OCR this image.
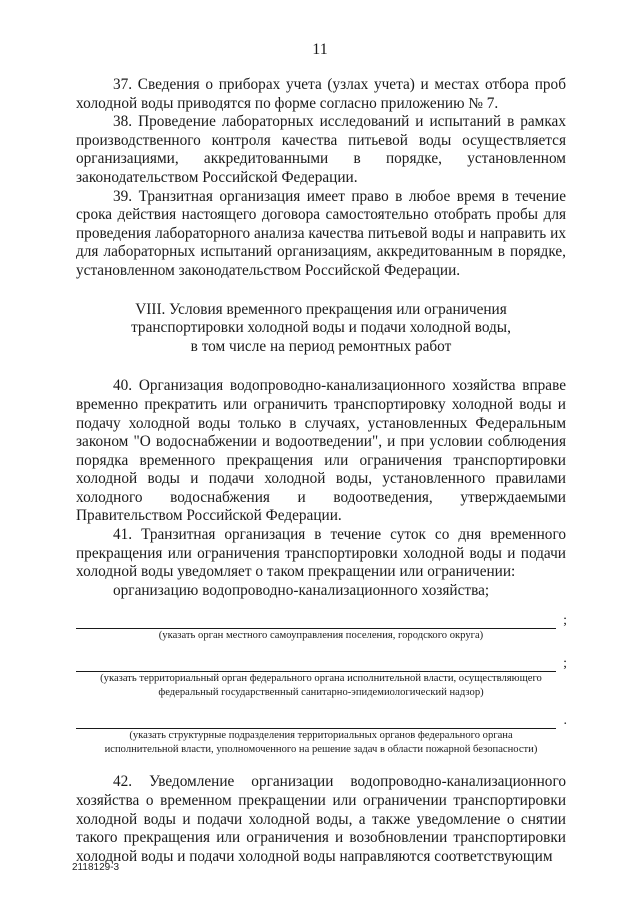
11

37. Сведения о приборах учета (узлах учета) и местах отбора проб холодной воды приводятся по форме согласно приложению № 7.

38. Проведение лабораторных исследований и испытаний в рамках производственного контроля качества питьевой воды осуществляется организациями, аккредитованными в порядке, установленном законодательством Российской Федерации.

39. Транзитная организация имеет право в любое время в течение срока действия настоящего договора самостоятельно отобрать пробы для проведения лабораторного анализа качества питьевой воды и направить их для лабораторных испытаний организациям, аккредитованным в порядке, установленном законодательством Российской Федерации.

VIII. Условия временного прекращения или ограничения
транспортировки холодной воды и подачи холодной воды,
в том числе на период ремонтных работ

40. Организация водопроводно-канализационного хозяйства вправе временно прекратить или ограничить транспортировку холодной воды и подачу холодной воды только в случаях, установленных Федеральным законом "О водоснабжении и водоотведении", и при условии соблюдения порядка временного прекращения или ограничения транспортировки холодной воды и подачи холодной воды, установленного правилами холодного водоснабжения и водоотведения, утверждаемыми Правительством Российской Федерации.

41. Транзитная организация в течение суток со дня временного прекращения или ограничения транспортировки холодной воды и подачи холодной воды уведомляет о таком прекращении или ограничении:

организацию водопроводно-канализационного хозяйства;

;

(указать орган местного самоуправления поселения, городского округа)

;

(указать территориальный орган федерального органа исполнительной власти, осуществляющего
федеральный государственный санитарно-эпидемиологический надзор)

.

(указать структурные подразделения территориальных органов федерального органа
исполнительной власти, уполномоченного на решение задач в области пожарной безопасности)

42. Уведомление организации водопроводно-канализационного хозяйства о временном прекращении или ограничении транспортировки холодной воды и подачи холодной воды, а также уведомление о снятии такого прекращения или ограничения и возобновлении транспортировки холодной воды и подачи холодной воды направляются соответствующим

2118129-3
